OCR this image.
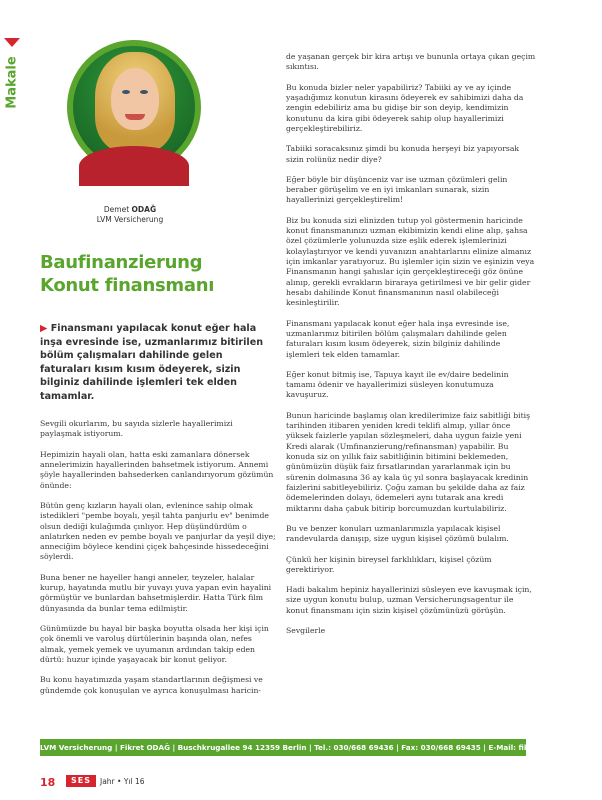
Makale
Demet ODAĞ
LVM Versicherung
Baufinanzierung
Konut finansmanı
▶ Finansmanı yapılacak konut eğer hala inşa evresinde ise, uzmanlarımız bitirilen bölüm çalışmaları dahilinde gelen faturaları kısım kısım ödeyerek, sizin bilginiz dahilinde işlemleri tek elden tamamlar.

Sevgili okurlarım, bu sayıda sizlerle hayallerimizi paylaşmak istiyorum.

Hepimizin hayali olan, hatta eski zamanlara dönersek annelerimizin hayallerinden bahsetmek istiyorum. Annemi şöyle hayallerinden bahsederken canlandırıyorum gözümün önünde:

Bütün genç kızların hayali olan, evlenince sahip olmak istedikleri "pembe boyalı, yeşil tahta panjurlu ev" benimde olsun dediği kulağımda çınlıyor. Hep düşündürdüm o anlatırken neden ev pembe boyalı ve panjurlar da yeşil diye; anneciğim böylece kendini çiçek bahçesinde hissedeceğini söylerdi.

Buna bener ne hayeller hangi anneler, teyzeler, halalar kurup, hayatında mutlu bir yuvayı yuva yapan evin hayalini görmüştür ve bunlardan bahsetmişlerdir. Hatta Türk film dünyasında da bunlar tema edilmiştir.

Günümüzde bu hayal bir başka boyutta olsada her kişi için çok önemli ve varoluş dürtülerinin başında olan, nefes almak, yemek yemek ve uyumanın ardından takip eden dürtü: huzur içinde yaşayacak bir konut geliyor.

Bu konu hayatımızda yaşam standartlarının değişmesi ve gündemde çok konuşulan ve ayrıca konuşulması haricin-

de yaşanan gerçek bir kira artışı ve bununla ortaya çıkan geçim sıkıntısı.

Bu konuda bizler neler yapabiliriz? Tabiiki ay ve ay içinde yaşadığımız konutun kirasını ödeyerek ev sahibimizi daha da zengin edebiliriz ama bu gidişe bir son deyip, kendimizin konutunu da kira gibi ödeyerek sahip olup hayallerimizi gerçekleştirebiliriz.

Tabiiki soracaksınız şimdi bu konuda herşeyi biz yapıyorsak sizin rolünüz nedir diye?

Eğer böyle bir düşünceniz var ise uzman çözümleri gelin beraber görüşelim ve en iyi imkanları sunarak, sizin hayallerinizi gerçekleştirelim!

Biz bu konuda sizi elinizden tutup yol göstermenin haricinde konut finansmanınızı uzman ekibimizin kendi eline alıp, şahsa özel çözümlerle yolunuzda size eşlik ederek işlemlerinizi kolaylaştırıyor ve kendi yuvanızın anahtarlarını elinize almanız için imkanlar yaratıyoruz. Bu işlemler için sizin ve eşinizin veya Finansmanın hangi şahıslar için gerçekleştireceği göz önüne alınıp, gerekli evrakların biraraya getirilmesi ve bir gelir gider hesabı dahilinde Konut finansmanının nasıl olabileceği kesinleştirilir.

Finansmanı yapılacak konut eğer hala inşa evresinde ise, uzmanlarımız bitirilen bölüm çalışmaları dahilinde gelen faturaları kısım kısım ödeyerek, sizin bilginiz dahilinde işlemleri tek elden tamamlar.

Eğer konut bitmiş ise, Tapuya kayıt ile ev/daire bedelinin tamamı ödenir ve hayallerimizi süsleyen konutumuza kavuşuruz.

Bunun haricinde başlamış olan kredilerimize faiz sabitliği bitiş tarihinden itibaren yeniden kredi teklifi almıp, yıllar önce yüksek faizlerle yapılan sözleşmeleri, daha uygun faizle yeni Kredi alarak (Umfinanzierung/refinansman) yapabilir. Bu konuda siz on yıllık faiz sabitliğinin bitimini beklemeden, günümüzün düşük faiz fırsatlarından yararlanmak için bu sürenin dolmasına 36 ay kala üç yıl sonra başlayacak kredinin faizlerini sabitleyebiliriz. Çoğu zaman bu şekilde daha az faiz ödemelerinden dolayı, ödemeleri aynı tutarak ana kredi miktarını daha çabuk bitirip borcumuzdan kurtulabiliriz.

Bu ve benzer konuları uzmanlarımızla yapılacak kişisel randevularda danışıp, size uygun kişisel çözümü bulalım.

Çünkü her kişinin bireysel farklılıkları, kişisel çözüm gerektiriyor.

Hadi bakalım hepiniz hayallerinizi süsleyen eve kavuşmak için, size uygun konutu bulup, uzman Versicherungsagentur ile konut finansmanı için sizin kişisel çözümünüzü görüşün.

Sevgilerle

LVM Versicherung | Fikret ODAĞ | Buschkrugallee 94 12359 Berlin | Tel.: 030/668 69436 | Fax: 030/668 69435 | E-Mail: fikret.odag@me.com
18	SES	Jahr • Yıl 16
